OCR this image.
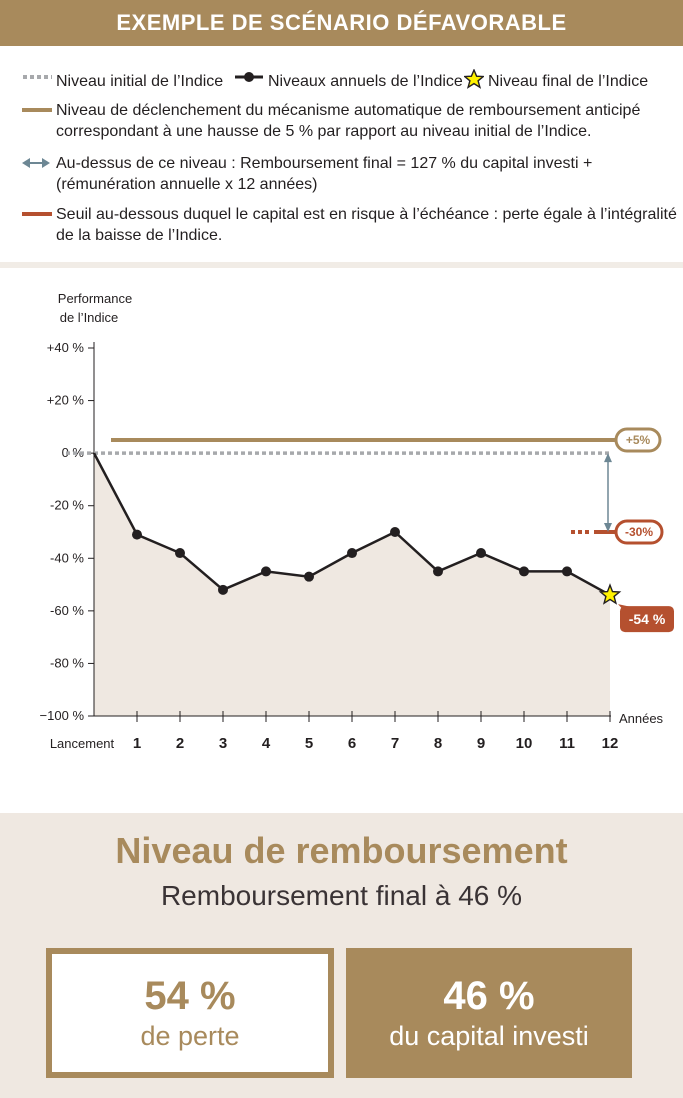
EXEMPLE DE SCÉNARIO DÉFAVORABLE
Niveau initial de l’Indice	Niveaux annuels de l’Indice Niveau final de l’Indice
Niveau de déclenchement du mécanisme automatique de remboursement anticipé
correspondant à une hausse de 5 % par rapport au niveau initial de l’Indice.
Au-dessus de ce niveau : Remboursement final = 127 % du capital investi +
(rémunération annuelle x 12 années)
Seuil au-dessous duquel le capital est en risque à l’échéance : perte égale à l’intégralité
de la baisse de l’Indice.
Performance
de l’Indice
Années
+40 %
+20 %
0 %
-20 %
-40 %
-60 %
-80 %
−100 %
Lancement 1 2 3 4 5 6 7 8 9 10 11 12
+5%
-30%
-54 %
Niveau de remboursement
Remboursement final à 46 %
54 %
de perte
46 %
du capital investi
